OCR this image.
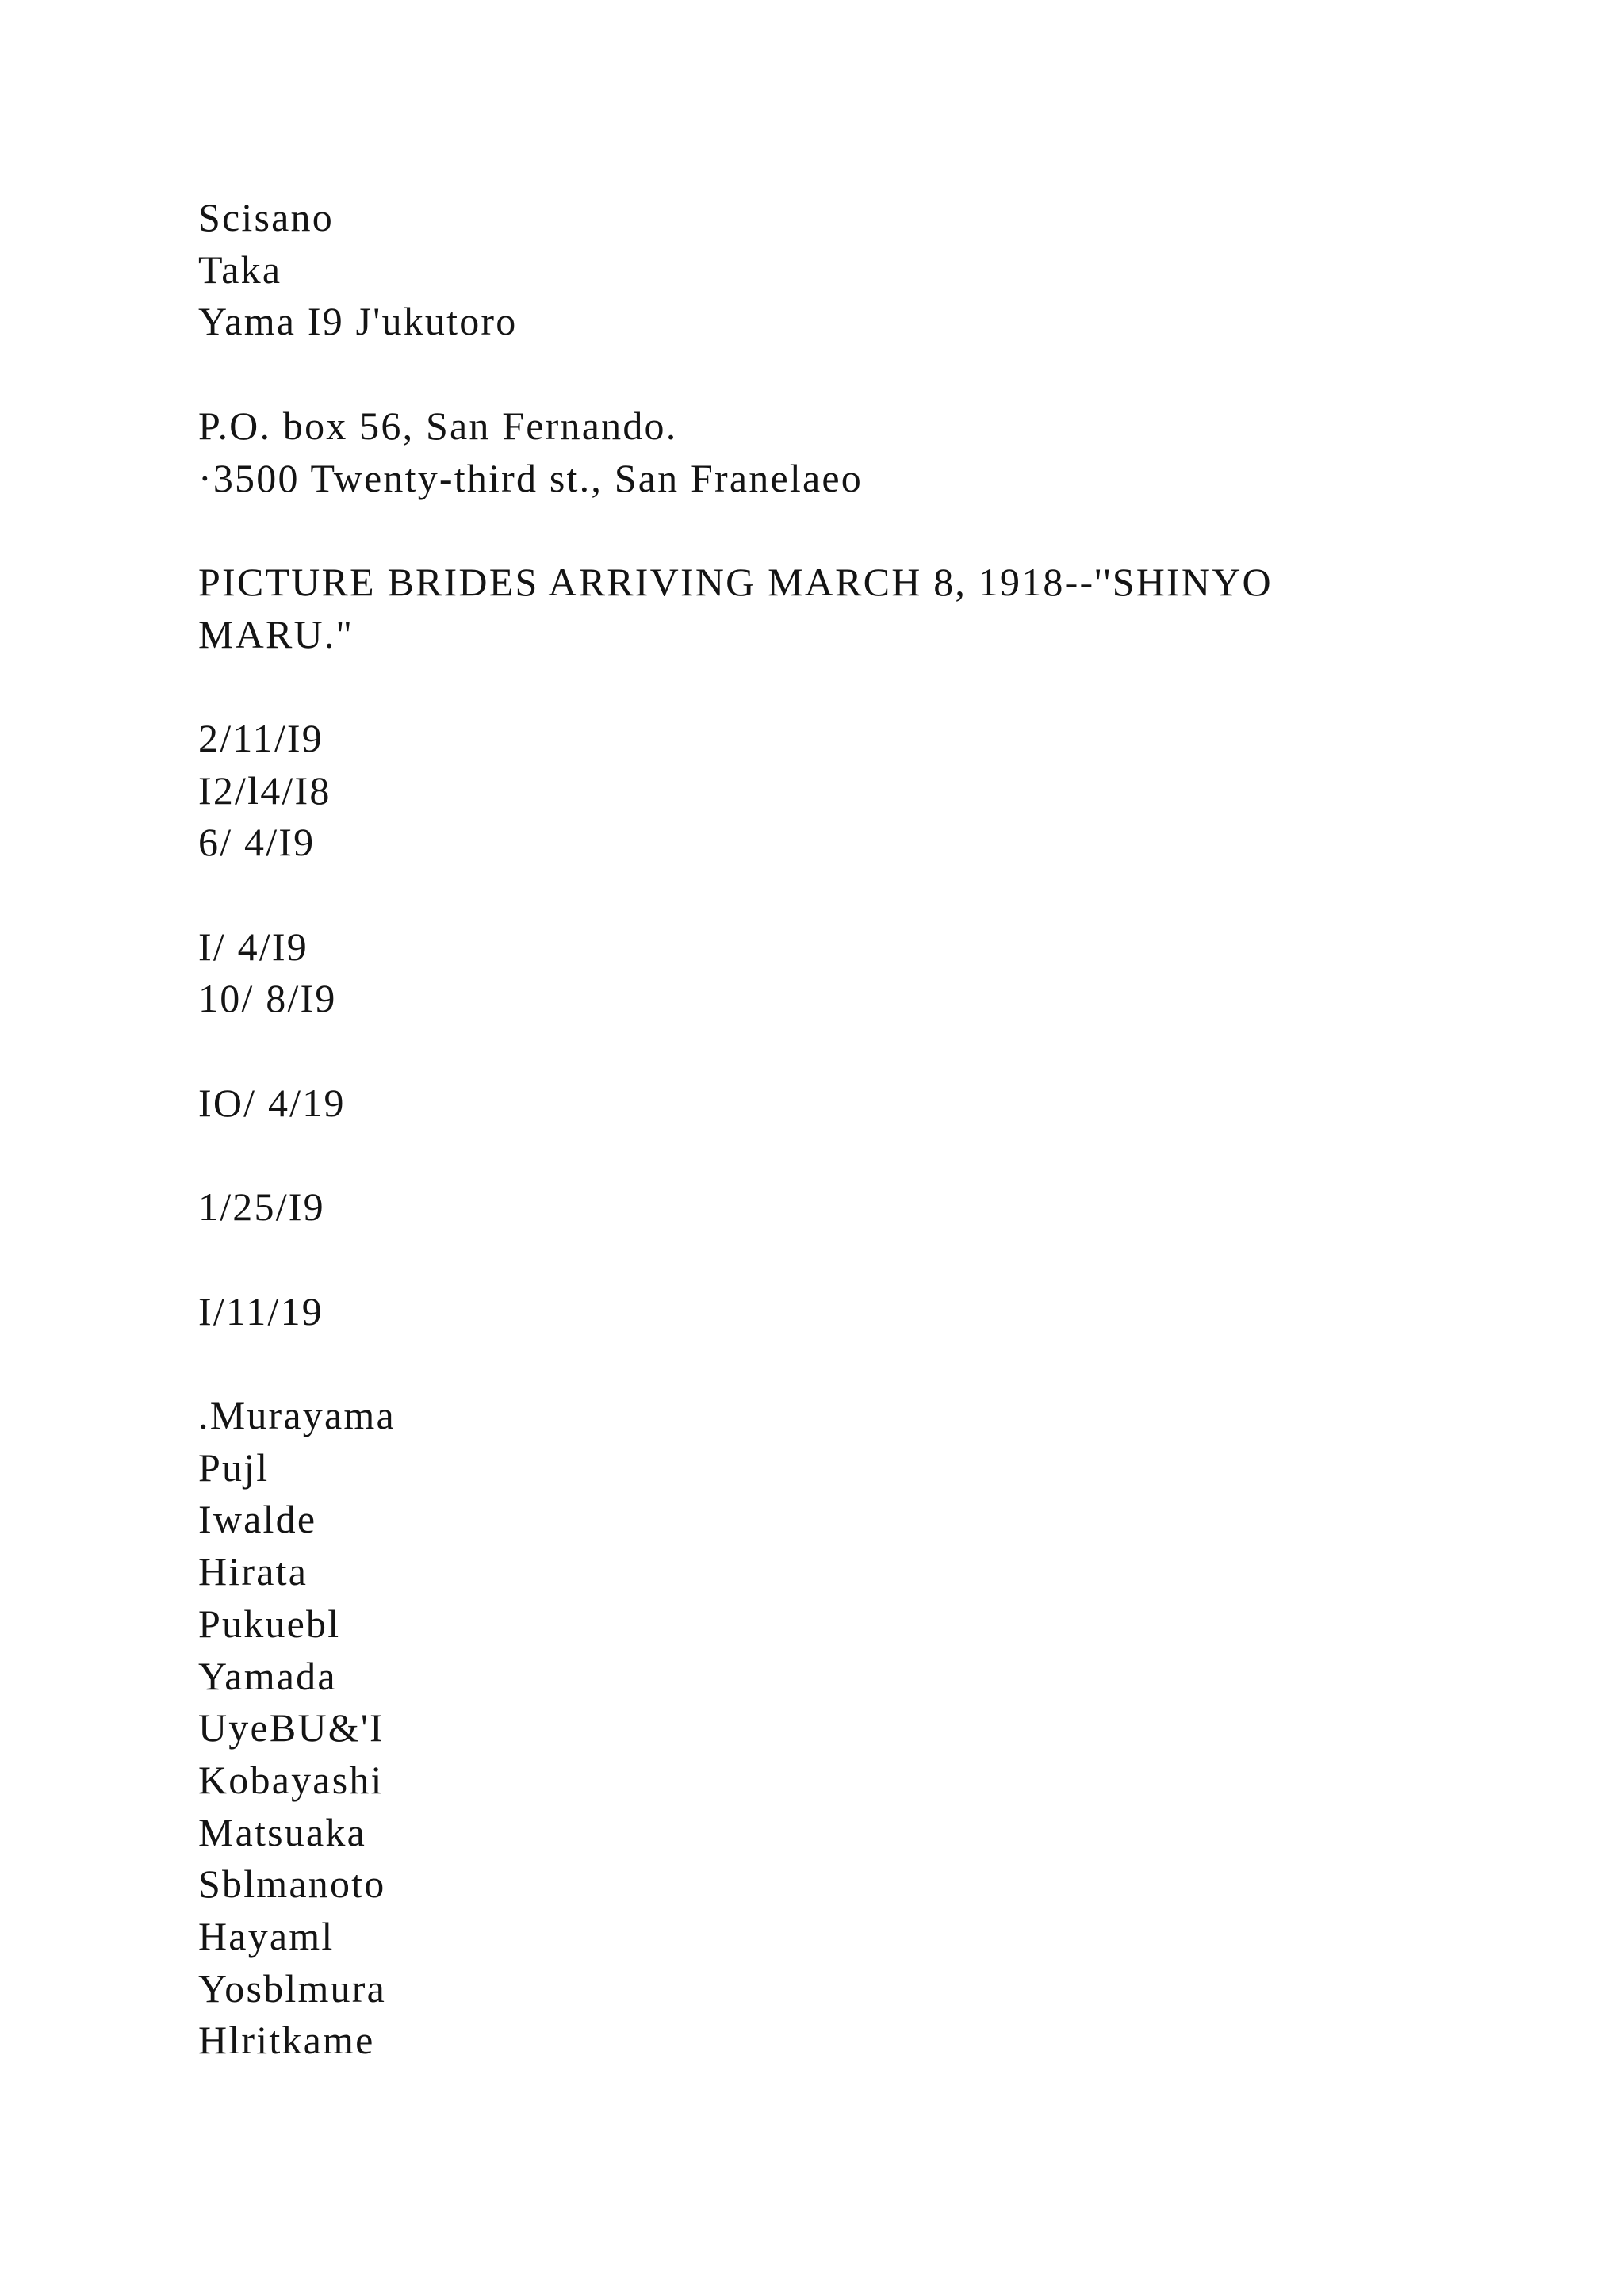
Scisano
Taka
Yama I9 J'ukutoro
P.O. box 56, San Fernando.
·3500 Twenty-third st., San Franelaeo
PICTURE BRIDES ARRIVING MARCH 8, 1918--''SHINYO MARU."
2/11/I9
I2/l4/I8
6/ 4/I9
I/ 4/I9
10/ 8/I9
IO/ 4/19
1/25/I9
I/11/19
.Murayama
Pujl
Iwalde
Hirata
Pukuebl
Yamada
UyeBU&'I
Kobayashi
Matsuaka
Sblmanoto
Hayaml
Yosblmura
Hlritkame
